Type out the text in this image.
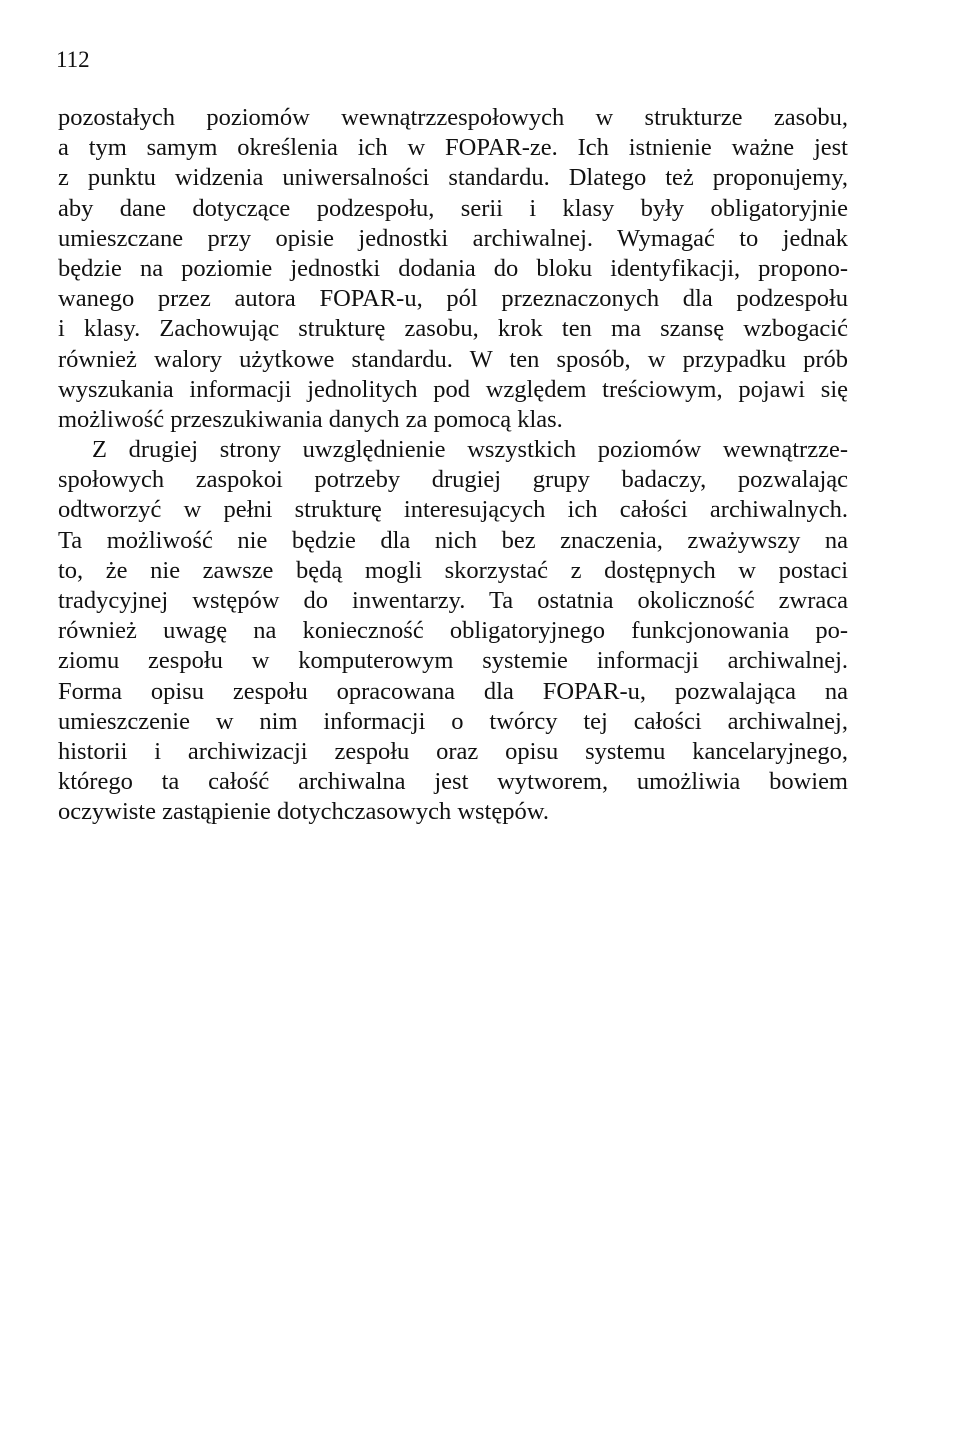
112
pozostałych poziomów wewnątrzzespołowych w strukturze zasobu,
a tym samym określenia ich w FOPAR-ze. Ich istnienie ważne jest
z punktu widzenia uniwersalności standardu. Dlatego też proponujemy,
aby dane dotyczące podzespołu, serii i klasy były obligatoryjnie
umieszczane przy opisie jednostki archiwalnej. Wymagać to jednak
będzie na poziomie jednostki dodania do bloku identyfikacji, propono-
wanego przez autora FOPAR-u, pól przeznaczonych dla podzespołu
i klasy. Zachowując strukturę zasobu, krok ten ma szansę wzbogacić
również walory użytkowe standardu. W ten sposób, w przypadku prób
wyszukania informacji jednolitych pod względem treściowym, pojawi się
możliwość przeszukiwania danych za pomocą klas.
Z drugiej strony uwzględnienie wszystkich poziomów wewnątrzze-
społowych zaspokoi potrzeby drugiej grupy badaczy, pozwalając
odtworzyć w pełni strukturę interesujących ich całości archiwalnych.
Ta możliwość nie będzie dla nich bez znaczenia, zważywszy na
to, że nie zawsze będą mogli skorzystać z dostępnych w postaci
tradycyjnej wstępów do inwentarzy. Ta ostatnia okoliczność zwraca
również uwagę na konieczność obligatoryjnego funkcjonowania po-
ziomu zespołu w komputerowym systemie informacji archiwalnej.
Forma opisu zespołu opracowana dla FOPAR-u, pozwalająca na
umieszczenie w nim informacji o twórcy tej całości archiwalnej,
historii i archiwizacji zespołu oraz opisu systemu kancelaryjnego,
którego ta całość archiwalna jest wytworem, umożliwia bowiem
oczywiste zastąpienie dotychczasowych wstępów.
